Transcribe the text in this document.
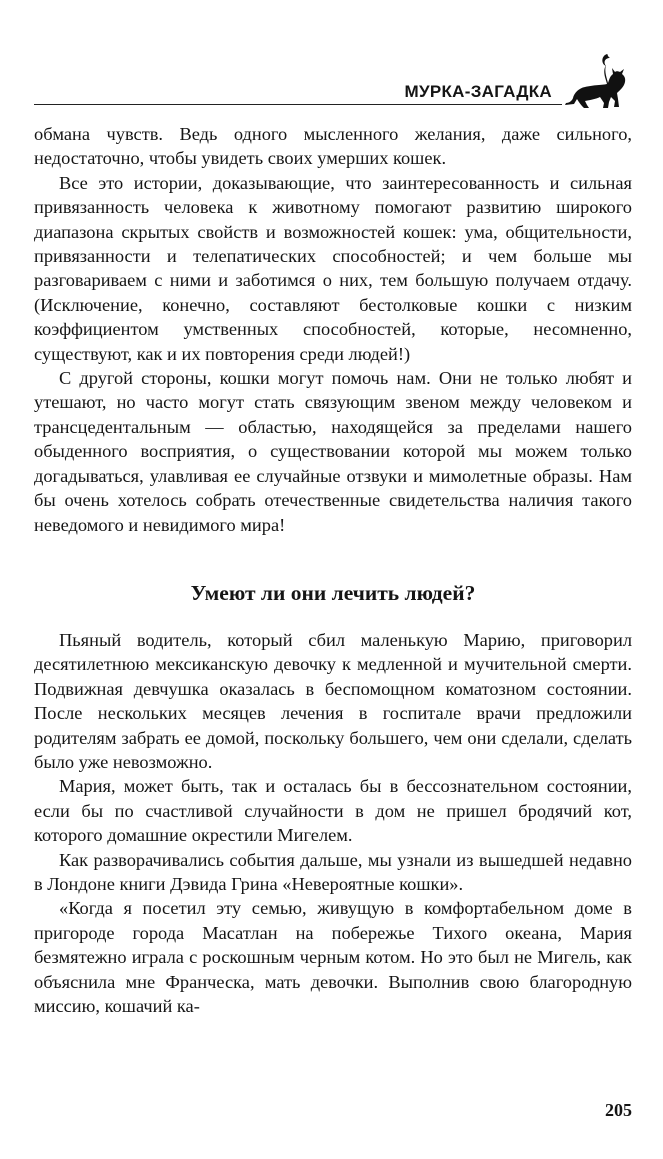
МУРКА-ЗАГАДКА

обмана чувств. Ведь одного мысленного желания, даже сильного, недостаточно, чтобы увидеть своих умерших кошек.

Все это истории, доказывающие, что заинтересованность и сильная привязанность человека к животному помогают развитию широкого диапазона скрытых свойств и возможностей кошек: ума, общительности, привязанности и телепатических способностей; и чем больше мы разговариваем с ними и заботимся о них, тем большую получаем отдачу. (Исключение, конечно, составляют бестолковые кошки с низким коэффициентом умственных способностей, которые, несомненно, существуют, как и их повторения среди людей!)

С другой стороны, кошки могут помочь нам. Они не только любят и утешают, но часто могут стать связующим звеном между человеком и трансцедентальным — областью, находящейся за пределами нашего обыденного восприятия, о существовании которой мы можем только догадываться, улавливая ее случайные отзвуки и мимолетные образы. Нам бы очень хотелось собрать отечественные свидетельства наличия такого неведомого и невидимого мира!

Умеют ли они лечить людей?

Пьяный водитель, который сбил маленькую Марию, приговорил десятилетнюю мексиканскую девочку к медленной и мучительной смерти. Подвижная девчушка оказалась в беспомощном коматозном состоянии. После нескольких месяцев лечения в госпитале врачи предложили родителям забрать ее домой, поскольку большего, чем они сделали, сделать было уже невозможно.

Мария, может быть, так и осталась бы в бессознательном состоянии, если бы по счастливой случайности в дом не пришел бродячий кот, которого домашние окрестили Мигелем.

Как разворачивались события дальше, мы узнали из вышедшей недавно в Лондоне книги Дэвида Грина «Невероятные кошки».

«Когда я посетил эту семью, живущую в комфортабельном доме в пригороде города Масатлан на побережье Тихого океана, Мария безмятежно играла с роскошным черным котом. Но это был не Мигель, как объяснила мне Франческа, мать девочки. Выполнив свою благородную миссию, кошачий ка-

205
